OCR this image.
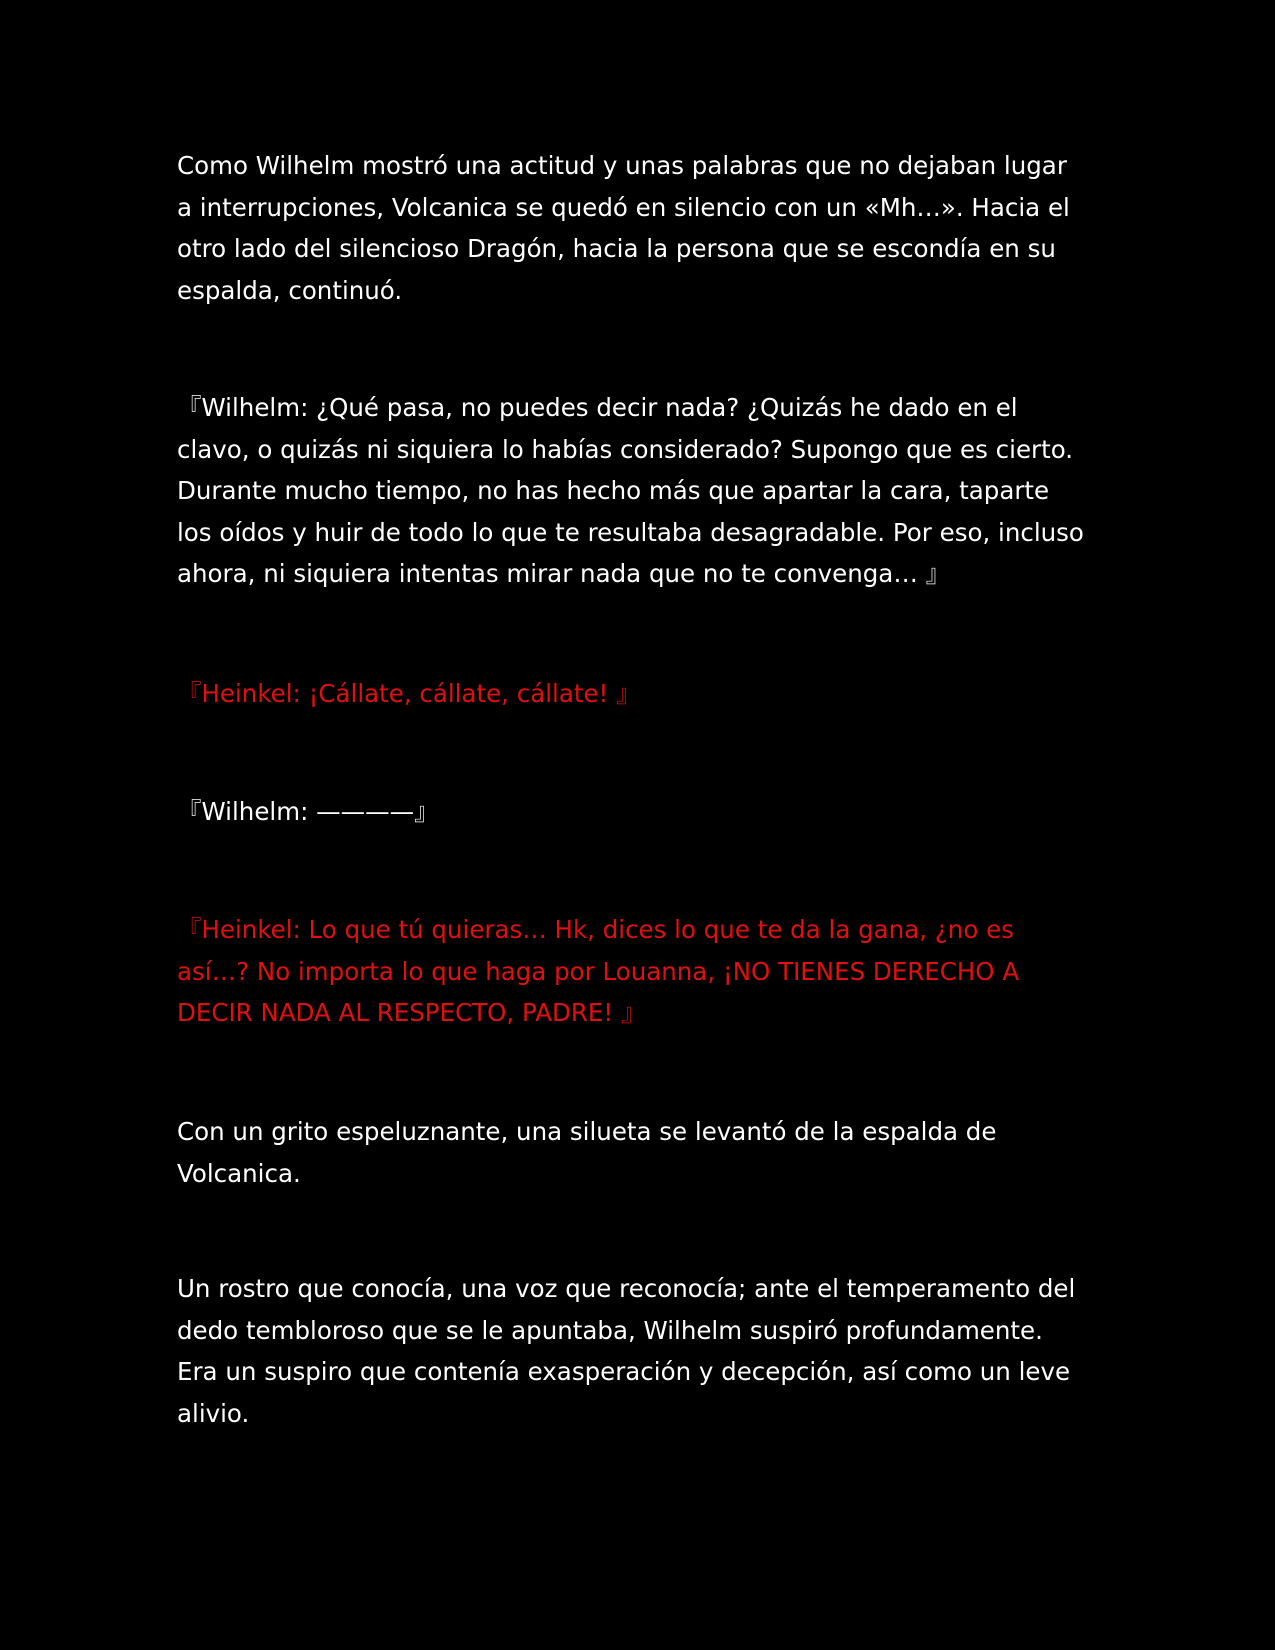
Como Wilhelm mostró una actitud y unas palabras que no dejaban lugar
a interrupciones, Volcanica se quedó en silencio con un «Mh…». Hacia el
otro lado del silencioso Dragón, hacia la persona que se escondía en su
espalda, continuó.

『Wilhelm: ¿Qué pasa, no puedes decir nada? ¿Quizás he dado en el
clavo, o quizás ni siquiera lo habías considerado? Supongo que es cierto.
Durante mucho tiempo, no has hecho más que apartar la cara, taparte
los oídos y huir de todo lo que te resultaba desagradable. Por eso, incluso
ahora, ni siquiera intentas mirar nada que no te convenga… 』

『Heinkel: ¡Cállate, cállate, cállate! 』

『Wilhelm: ————』

『Heinkel: Lo que tú quieras… Hk, dices lo que te da la gana, ¿no es
así…? No importa lo que haga por Louanna, ¡NO TIENES DERECHO A
DECIR NADA AL RESPECTO, PADRE! 』

Con un grito espeluznante, una silueta se levantó de la espalda de
Volcanica.

Un rostro que conocía, una voz que reconocía; ante el temperamento del
dedo tembloroso que se le apuntaba, Wilhelm suspiró profundamente.
Era un suspiro que contenía exasperación y decepción, así como un leve
alivio.
